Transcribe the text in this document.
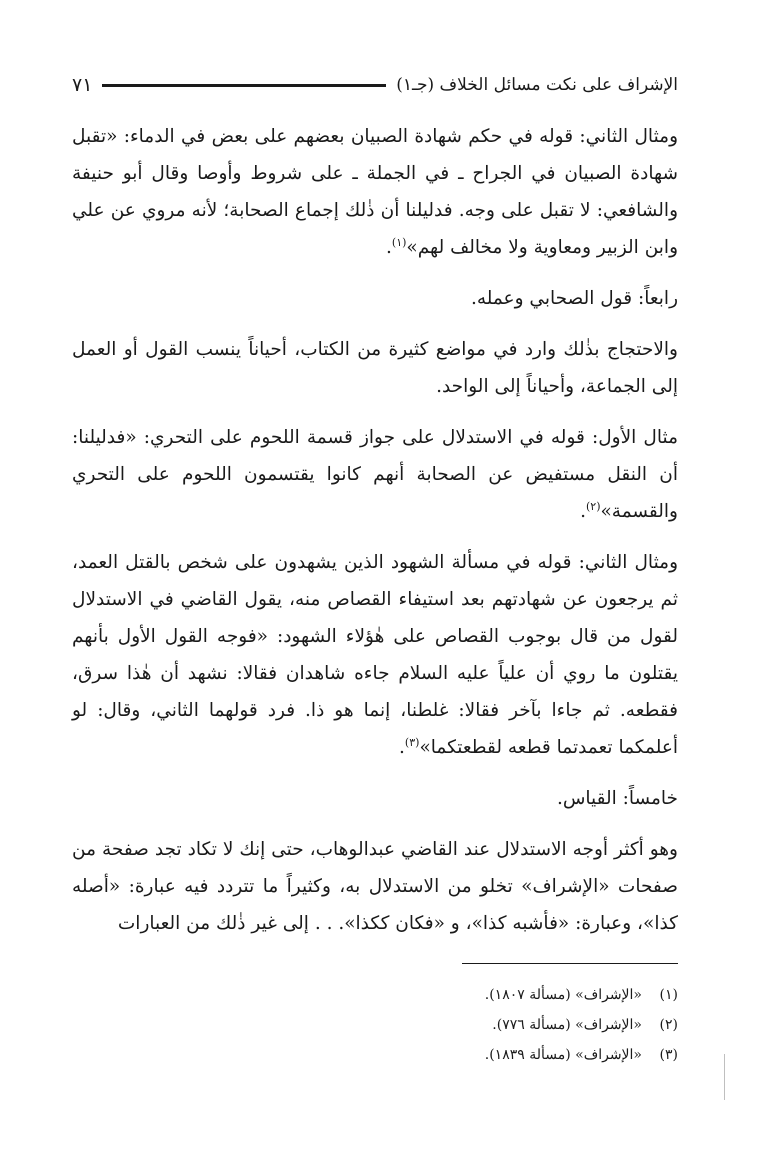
الإشراف على نكت مسائل الخلاف (جـ١)
٧١

ومثال الثاني: قوله في حكم شهادة الصبيان بعضهم على بعض في الدماء: «تقبل شهادة الصبيان في الجراح ـ في الجملة ـ على شروط وأوصا وقال أبو حنيفة والشافعي: لا تقبل على وجه. فدليلنا أن ذٰلك إجماع الصحابة؛ لأنه مروي عن علي وابن الزبير ومعاوية ولا مخالف لهم»$^{(١)}$.

رابعاً: قول الصحابي وعمله.

والاحتجاج بذٰلك وارد في مواضع كثيرة من الكتاب، أحياناً ينسب القول أو العمل إلى الجماعة، وأحياناً إلى الواحد.

مثال الأول: قوله في الاستدلال على جواز قسمة اللحوم على التحري: «فدليلنا: أن النقل مستفيض عن الصحابة أنهم كانوا يقتسمون اللحوم على التحري والقسمة»$^{(٢)}$.

ومثال الثاني: قوله في مسألة الشهود الذين يشهدون على شخص بالقتل العمد، ثم يرجعون عن شهادتهم بعد استيفاء القصاص منه، يقول القاضي في الاستدلال لقول من قال بوجوب القصاص على هٰؤلاء الشهود: «فوجه القول الأول بأنهم يقتلون ما روي أن علياً عليه السلام جاءه شاهدان فقالا: نشهد أن هٰذا سرق، فقطعه. ثم جاءا بآخر فقالا: غلطنا، إنما هو ذا. فرد قولهما الثاني، وقال: لو أعلمكما تعمدتما قطعه لقطعتكما»$^{(٣)}$.

خامساً: القياس.

وهو أكثر أوجه الاستدلال عند القاضي عبدالوهاب، حتى إنك لا تكاد تجد صفحة من صفحات «الإشراف» تخلو من الاستدلال به، وكثيراً ما تتردد فيه عبارة: «أصله كذا»، وعبارة: «فأشبه كذا»، و «فكان ككذا». . . إلى غير ذٰلك من العبارات

(١)
«الإشراف» (مسألة ١٨٠٧).
(٢)
«الإشراف» (مسألة ٧٧٦).
(٣)
«الإشراف» (مسألة ١٨٣٩).
